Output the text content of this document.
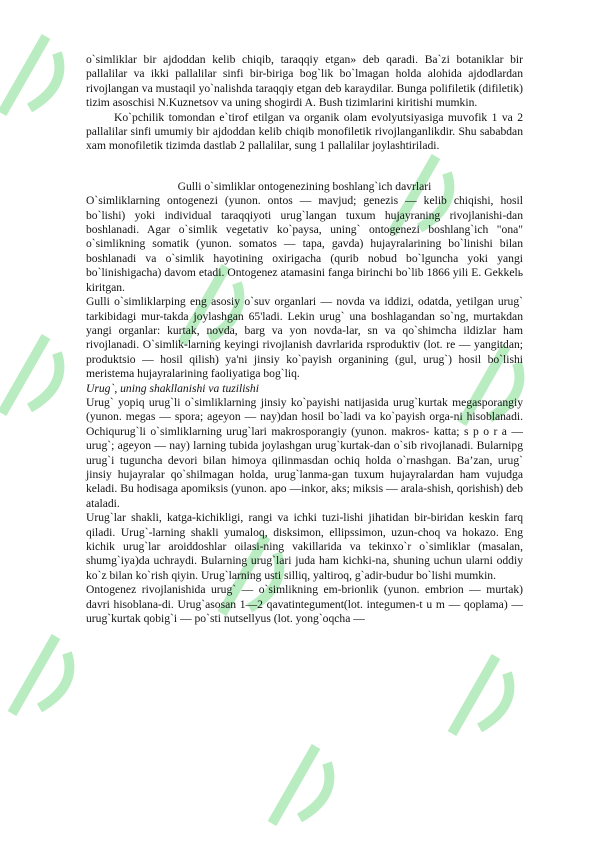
o`simliklar bir ajdoddan kelib chiqib, taraqqiy etgan» deb qaradi. Ba`zi botaniklar bir pallalilar va ikki pallalilar sinfi bir-biriga bog`lik bo`lmagan holda alohida ajdodlardan rivojlangan va mustaqil yo`nalishda taraqqiy etgan deb karaydilar. Bunga polifiletik (difiletik) tizim asoschisi N.Kuznetsov va uning shogirdi A. Bush tizimlarini kiritishi mumkin.

Ko`pchilik tomondan e`tirof etilgan va organik olam evolyutsiyasiga muvofik 1 va 2 pallalilar sinfi umumiy bir ajdoddan kelib chiqib monofiletik rivojlanganlikdir. Shu sababdan xam monofiletik tizimda dastlab 2 pallalilar, sung 1 pallalilar joylashtiriladi.

Gulli o`simliklar ontogenezining boshlang`ich davrlari

O`simliklarning ontogenezi (yunon. ontos — mavjud; genezis — kelib chiqishi, hosil bo`lishi) yoki individual taraqqiyoti urug`langan tuxum hujayraning rivojlanishi-dan boshlanadi. Agar o`simlik vegetativ ko`paysa, uning` ontogenezi boshlang`ich "ona" o`simlikning somatik (yunon. somatos — tapa, gavda) hujayralarining bo`linishi bilan boshlanadi va o`simlik hayotining oxirigacha (qurib nobud bo`lguncha yoki yangi bo`linishigacha) davom etadi. Ontogenez atamasini fanga birinchi bo`lib 1866 yili E. Gekkelь kiritgan.

Gulli o`simliklarping eng asosiy o`suv organlari — novda va iddizi, odatda, yetilgan urug` tarkibidagi mur-takda joylashgan 65'ladi. Lekin urug` una boshlagandan so`ng, murtakdan yangi organlar: kurtak, novda, barg va yon novda-lar, sn va qo`shimcha ildizlar ham rivojlanadi. O`simlik-larning keyingi rivojlanish davrlarida rsproduktiv (lot. re — yangitdan; produktsio — hosil qilish) ya'ni jinsiy ko`payish organining (gul, urug`) hosil bo`lishi meristema hujayralarining faoliyatiga bog`liq.

Urug`, uning shakllanishi va tuzilishi

Urug` yopiq urug`li o`simliklarning jinsiy ko`payishi natijasida urug`kurtak megasporangiy (yunon. megas — spora; ageyon — nay)dan hosil bo`ladi va ko`payish orga-ni hisoblanadi. Ochiqurug`li o`simliklarning urug`lari makrosporangiy (yunon. makros- katta; s p o r a — urug`; ageyon — nay) larning tubida joylashgan urug`kurtak-dan o`sib rivojlanadi. Bularnipg urug`i tuguncha devori bilan himoya qilinmasdan ochiq holda o`rnashgan. Ba’zan, urug` jinsiy hujayralar qo`shilmagan holda, urug`lanma-gan tuxum hujayralardan ham vujudga keladi. Bu hodisaga apomiksis (yunon. apo —inkor, aks; miksis — arala-shish, qorishish) deb ataladi.

Urug`lar shakli, katga-kichikligi, rangi va ichki tuzi-lishi jihatidan bir-biridan keskin farq qiladi. Urug`-larning shakli yumaloq, disksimon, ellipssimon, uzun-choq va hokazo. Eng kichik urug`lar aroiddoshlar oilasi-ning vakillarida va tekinxo`r o`simliklar (masalan, shumg`iya)da uchraydi. Bularning urug`lari juda ham kichki-na, shuning uchun ularni oddiy ko`z bilan ko`rish qiyin. Urug`larning usti silliq, yaltiroq, g`adir-budur bo`lishi mumkin.

Ontogenez rivojlanishida urug` — o`simlikning em-brionlik (yunon. embrion — murtak) davri hisoblana-di. Urug`asosan 1—2 qavatintegument(lot. integumen-t u m — qoplama) — urug`kurtak qobig`i — po`sti nutsellyus (lot. yong`oqcha —
